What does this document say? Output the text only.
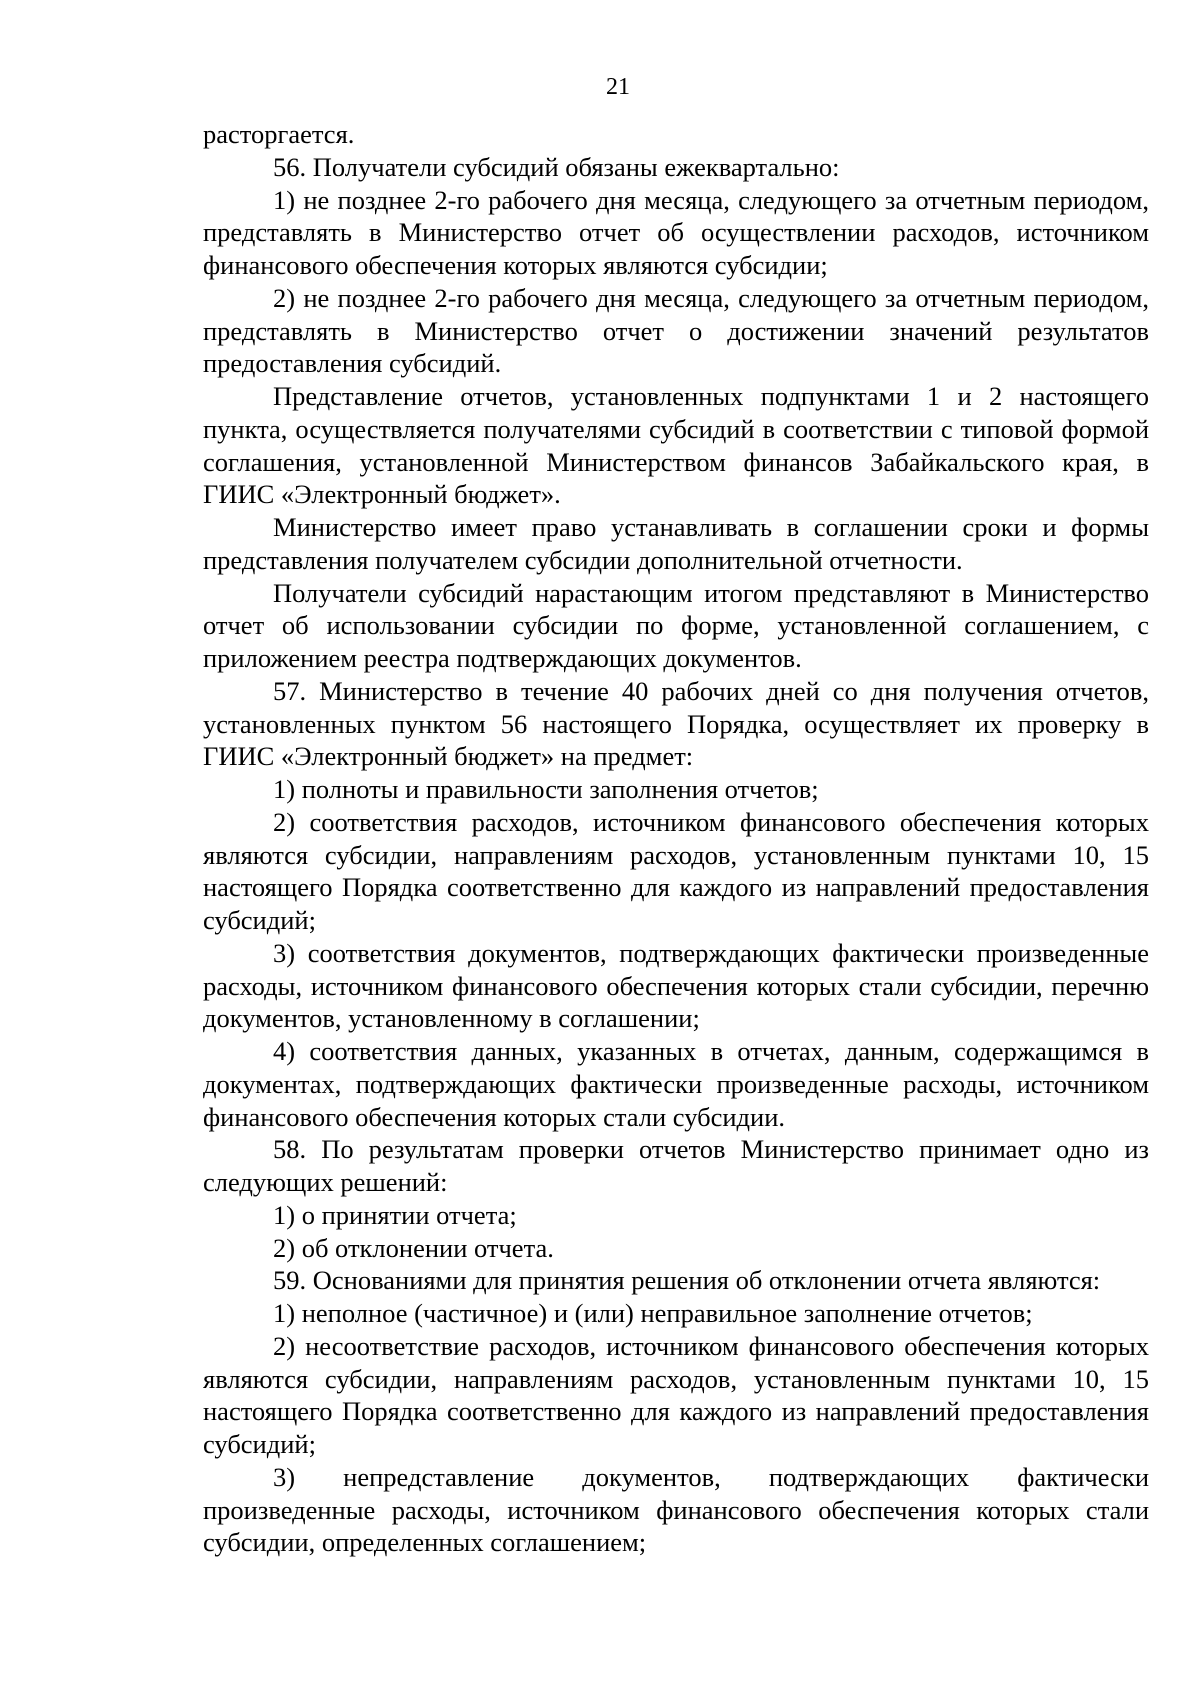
21

расторгается.

56. Получатели субсидий обязаны ежеквартально:

1) не позднее 2-го рабочего дня месяца, следующего за отчетным периодом, представлять в Министерство отчет об осуществлении расходов, источником финансового обеспечения которых являются субсидии;

2) не позднее 2-го рабочего дня месяца, следующего за отчетным периодом, представлять в Министерство отчет о достижении значений результатов предоставления субсидий.

Представление отчетов, установленных подпунктами 1 и 2 настоящего пункта, осуществляется получателями субсидий в соответствии с типовой формой соглашения, установленной Министерством финансов Забайкальского края, в ГИИС «Электронный бюджет».

Министерство имеет право устанавливать в соглашении сроки и формы представления получателем субсидии дополнительной отчетности.

Получатели субсидий нарастающим итогом представляют в Министерство отчет об использовании субсидии по форме, установленной соглашением, с приложением реестра подтверждающих документов.

57. Министерство в течение 40 рабочих дней со дня получения отчетов, установленных пунктом 56 настоящего Порядка, осуществляет их проверку в ГИИС «Электронный бюджет» на предмет:

1) полноты и правильности заполнения отчетов;

2) соответствия расходов, источником финансового обеспечения которых являются субсидии, направлениям расходов, установленным пунктами 10, 15 настоящего Порядка соответственно для каждого из направлений предоставления субсидий;

3) соответствия документов, подтверждающих фактически произведенные расходы, источником финансового обеспечения которых стали субсидии, перечню документов, установленному в соглашении;

4) соответствия данных, указанных в отчетах, данным, содержащимся в документах, подтверждающих фактически произведенные расходы, источником финансового обеспечения которых стали субсидии.

58. По результатам проверки отчетов Министерство принимает одно из следующих решений:

1) о принятии отчета;

2) об отклонении отчета.

59. Основаниями для принятия решения об отклонении отчета являются:

1) неполное (частичное) и (или) неправильное заполнение отчетов;

2) несоответствие расходов, источником финансового обеспечения которых являются субсидии, направлениям расходов, установленным пунктами 10, 15 настоящего Порядка соответственно для каждого из направлений предоставления субсидий;

3) непредставление документов, подтверждающих фактически произведенные расходы, источником финансового обеспечения которых стали субсидии, определенных соглашением;
